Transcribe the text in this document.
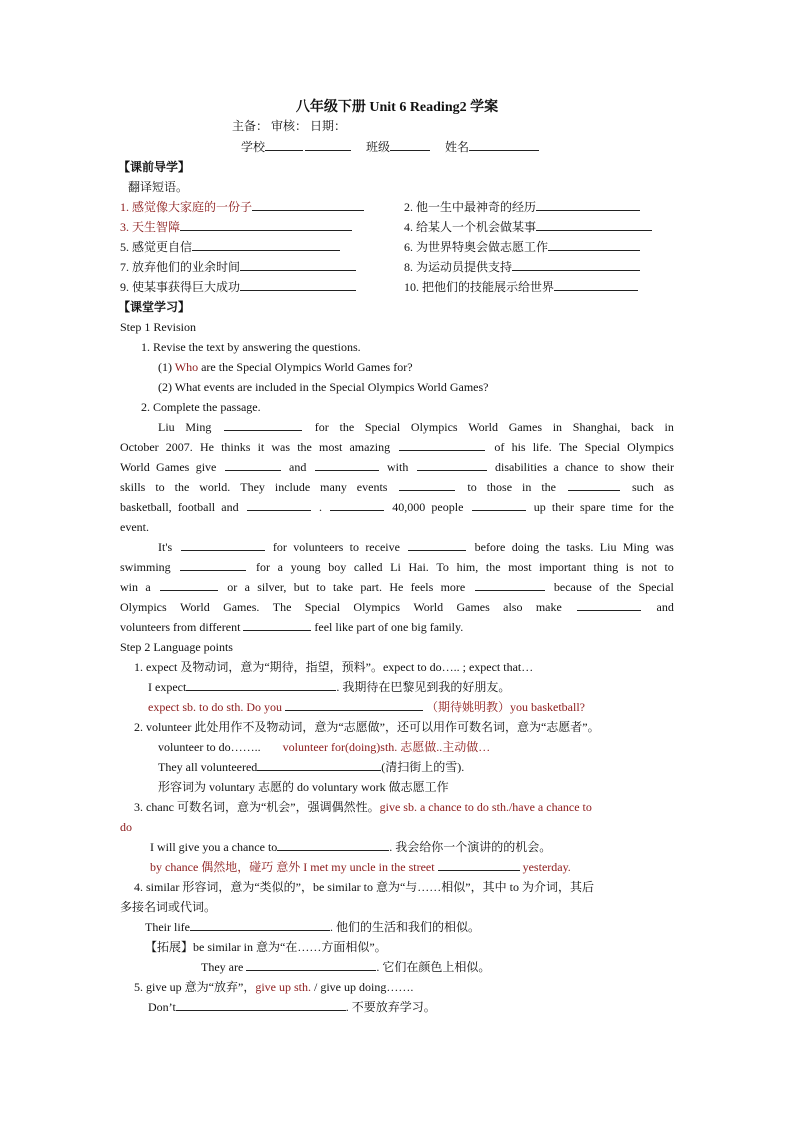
八年级下册 Unit 6 Reading2 学案
主备： 审核： 日期：
学校	班级	姓名
【课前导学】
翻译短语。
1. 感觉像大家庭的一份子	2. 他一生中最神奇的经历
3. 天生智障	4. 给某人一个机会做某事
5. 感觉更自信	6. 为世界特奥会做志愿工作
7. 放弃他们的业余时间	8. 为运动员提供支持
9. 使某事获得巨大成功	10. 把他们的技能展示给世界
【课堂学习】
Step 1 Revision
1. Revise the text by answering the questions.
(1) Who are the Special Olympics World Games for?
(2) What events are included in the Special Olympics World Games?
2. Complete the passage.
Liu Ming	for the Special Olympics World Games in Shanghai, back in
October 2007. He thinks it was the most amazing	of his life. The Special Olympics
World Games give	and	with	disabilities a chance to show their
skills to the world. They include many events	to those in the	such as
basketball, football and	.	40,000 people	up their spare time for the
event.
It's	for volunteers to receive	before doing the tasks. Liu Ming was
swimming	for a young boy called Li Hai. To him, the most important thing is not to
win a	or a silver, but to take part. He feels more	because of the Special
Olympics World Games. The Special Olympics World Games also make	and
volunteers from different	feel like part of one big family.
Step 2 Language points
1. expect 及物动词，意为“期待，指望，预料”。expect to do….. ; expect that…
I expect	. 我期待在巴黎见到我的好朋友。
expect sb. to do sth. Do you	（期待姚明教）you basketball?
2. volunteer 此处用作不及物动词，意为“志愿做”，还可以用作可数名词，意为“志愿者”。
volunteer to do…….. volunteer for(doing)sth. 志愿做..主动做…
They all volunteered	(清扫街上的雪).
形容词为 voluntary 志愿的 do voluntary work 做志愿工作
3. chanc 可数名词，意为“机会”，强调偶然性。give sb. a chance to do sth./have a chance to
do
I will give you a chance to	. 我会给你一个演讲的的机会。
by chance 偶然地，碰巧 意外 I met my uncle in the street	yesterday.
4. similar 形容词，意为“类似的”，be similar to 意为“与……相似”，其中 to 为介词，其后
多接名词或代词。
Their life	. 他们的生活和我们的相似。
【拓展】be similar in 意为“在……方面相似”。
They are	. 它们在颜色上相似。
5. give up 意为“放弃”，give up sth. / give up doing…….
Don’t	. 不要放弃学习。
